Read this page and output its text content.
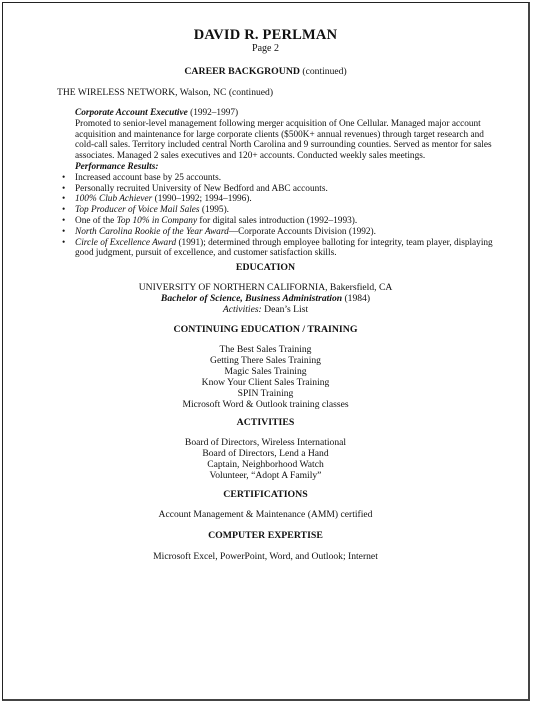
DAVID R. PERLMAN
Page 2
CAREER BACKGROUND (continued)
THE WIRELESS NETWORK, Walson, NC (continued)
Corporate Account Executive (1992–1997)
Promoted to senior-level management following merger acquisition of One Cellular. Managed major account acquisition and maintenance for large corporate clients ($500K+ annual revenues) through target research and cold-call sales. Territory included central North Carolina and 9 surrounding counties. Served as mentor for sales associates. Managed 2 sales executives and 120+ accounts. Conducted weekly sales meetings.
Performance Results:
• Increased account base by 25 accounts.
• Personally recruited University of New Bedford and ABC accounts.
• 100% Club Achiever (1990–1992; 1994–1996).
• Top Producer of Voice Mail Sales (1995).
• One of the Top 10% in Company for digital sales introduction (1992–1993).
• North Carolina Rookie of the Year Award—Corporate Accounts Division (1992).
• Circle of Excellence Award (1991); determined through employee balloting for integrity, team player, displaying good judgment, pursuit of excellence, and customer satisfaction skills.
EDUCATION
UNIVERSITY OF NORTHERN CALIFORNIA, Bakersfield, CA
Bachelor of Science, Business Administration (1984)
Activities: Dean’s List
CONTINUING EDUCATION / TRAINING
The Best Sales Training
Getting There Sales Training
Magic Sales Training
Know Your Client Sales Training
SPIN Training
Microsoft Word & Outlook training classes
ACTIVITIES
Board of Directors, Wireless International
Board of Directors, Lend a Hand
Captain, Neighborhood Watch
Volunteer, “Adopt A Family”
CERTIFICATIONS
Account Management & Maintenance (AMM) certified
COMPUTER EXPERTISE
Microsoft Excel, PowerPoint, Word, and Outlook; Internet
